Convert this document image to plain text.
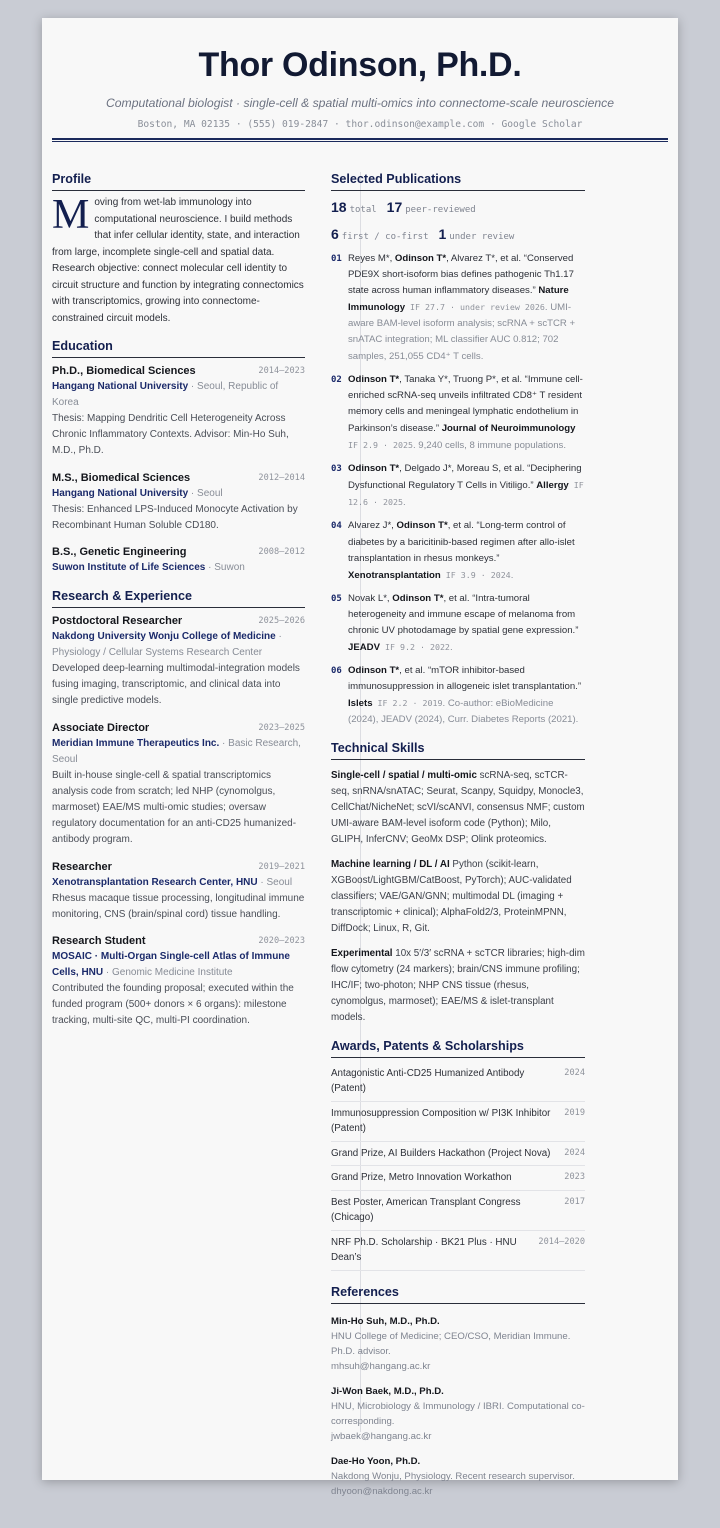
Thor Odinson, Ph.D.
Computational biologist · single-cell & spatial multi-omics into connectome-scale neuroscience
Boston, MA 02135 · (555) 019-2847 · thor.odinson@example.com · Google Scholar
Profile
Moving from wet-lab immunology into computational neuroscience. I build methods that infer cellular identity, state, and interaction from large, incomplete single-cell and spatial data. Research objective: connect molecular cell identity to circuit structure and function by integrating connectomics with transcriptomics, growing into connectome-constrained circuit models.
Education
Ph.D., Biomedical Sciences	2014–2023
Hangang National University · Seoul, Republic of Korea
Thesis: Mapping Dendritic Cell Heterogeneity Across Chronic Inflammatory Contexts. Advisor: Min-Ho Suh, M.D., Ph.D.
M.S., Biomedical Sciences	2012–2014
Hangang National University · Seoul
Thesis: Enhanced LPS-Induced Monocyte Activation by Recombinant Human Soluble CD180.
B.S., Genetic Engineering	2008–2012
Suwon Institute of Life Sciences · Suwon
Research & Experience
Postdoctoral Researcher	2025–2026
Nakdong University Wonju College of Medicine · Physiology / Cellular Systems Research Center
Developed deep-learning multimodal-integration models fusing imaging, transcriptomic, and clinical data into single predictive models.
Associate Director	2023–2025
Meridian Immune Therapeutics Inc. · Basic Research, Seoul
Built in-house single-cell & spatial transcriptomics analysis code from scratch; led NHP (cynomolgus, marmoset) EAE/MS multi-omic studies; oversaw regulatory documentation for an anti-CD25 humanized-antibody program.
Researcher	2019–2021
Xenotransplantation Research Center, HNU · Seoul
Rhesus macaque tissue processing, longitudinal immune monitoring, CNS (brain/spinal cord) tissue handling.
Research Student	2020–2023
MOSAIC · Multi-Organ Single-cell Atlas of Immune Cells, HNU · Genomic Medicine Institute
Contributed the founding proposal; executed within the funded program (500+ donors × 6 organs): milestone tracking, multi-site QC, multi-PI coordination.
Selected Publications
18 total 17 peer-reviewed
6 first / co-first 1 under review
01 Reyes M*, Odinson T*, Alvarez T*, et al. “Conserved PDE9X short-isoform bias defines pathogenic Th1.17 state across human inflammatory diseases.” Nature Immunology IF 27.7 · under review 2026. UMI-aware BAM-level isoform analysis; scRNA + scTCR + snATAC integration; ML classifier AUC 0.812; 702 samples, 251,055 CD4⁺ T cells.
02 Odinson T*, Tanaka Y*, Truong P*, et al. “Immune cell-enriched scRNA-seq unveils infiltrated CD8⁺ T resident memory cells and meningeal lymphatic endothelium in Parkinson’s disease.” Journal of Neuroimmunology IF 2.9 · 2025. 9,240 cells, 8 immune populations.
03 Odinson T*, Delgado J*, Moreau S, et al. “Deciphering Dysfunctional Regulatory T Cells in Vitiligo.” Allergy IF 12.6 · 2025.
04 Alvarez J*, Odinson T*, et al. “Long-term control of diabetes by a baricitinib-based regimen after allo-islet transplantation in rhesus monkeys.” Xenotransplantation IF 3.9 · 2024.
05 Novak L*, Odinson T*, et al. “Intra-tumoral heterogeneity and immune escape of melanoma from chronic UV photodamage by spatial gene expression.” JEADV IF 9.2 · 2022.
06 Odinson T*, et al. “mTOR inhibitor-based immunosuppression in allogeneic islet transplantation.” Islets IF 2.2 · 2019. Co-author: eBioMedicine (2024), JEADV (2024), Curr. Diabetes Reports (2021).
Technical Skills
Single-cell / spatial / multi-omic scRNA-seq, scTCR-seq, snRNA/snATAC; Seurat, Scanpy, Squidpy, Monocle3, CellChat/NicheNet; scVI/scANVI, consensus NMF; custom UMI-aware BAM-level isoform code (Python); Milo, GLIPH, InferCNV; GeoMx DSP; Olink proteomics.
Machine learning / DL / AI Python (scikit-learn, XGBoost/LightGBM/CatBoost, PyTorch); AUC-validated classifiers; VAE/GAN/GNN; multimodal DL (imaging + transcriptomic + clinical); AlphaFold2/3, ProteinMPNN, DiffDock; Linux, R, Git.
Experimental 10x 5′/3′ scRNA + scTCR libraries; high-dim flow cytometry (24 markers); brain/CNS immune profiling; IHC/IF; two-photon; NHP CNS tissue (rhesus, cynomolgus, marmoset); EAE/MS & islet-transplant models.
Awards, Patents & Scholarships
Antagonistic Anti-CD25 Humanized Antibody (Patent)
2024
Immunosuppression Composition w/ PI3K Inhibitor (Patent)
2019
Grand Prize, AI Builders Hackathon (Project Nova)	2024
Grand Prize, Metro Innovation Workathon	2023
Best Poster, American Transplant Congress (Chicago)
2017
NRF Ph.D. Scholarship · BK21 Plus · HNU Dean’s
2014–2020
References
Min-Ho Suh, M.D., Ph.D.
HNU College of Medicine; CEO/CSO, Meridian Immune. Ph.D. advisor.
mhsuh@hangang.ac.kr
Ji-Won Baek, M.D., Ph.D.
HNU, Microbiology & Immunology / IBRI. Computational co-corresponding.
jwbaek@hangang.ac.kr
Dae-Ho Yoon, Ph.D.
Nakdong Wonju, Physiology. Recent research supervisor.
dhyoon@nakdong.ac.kr
